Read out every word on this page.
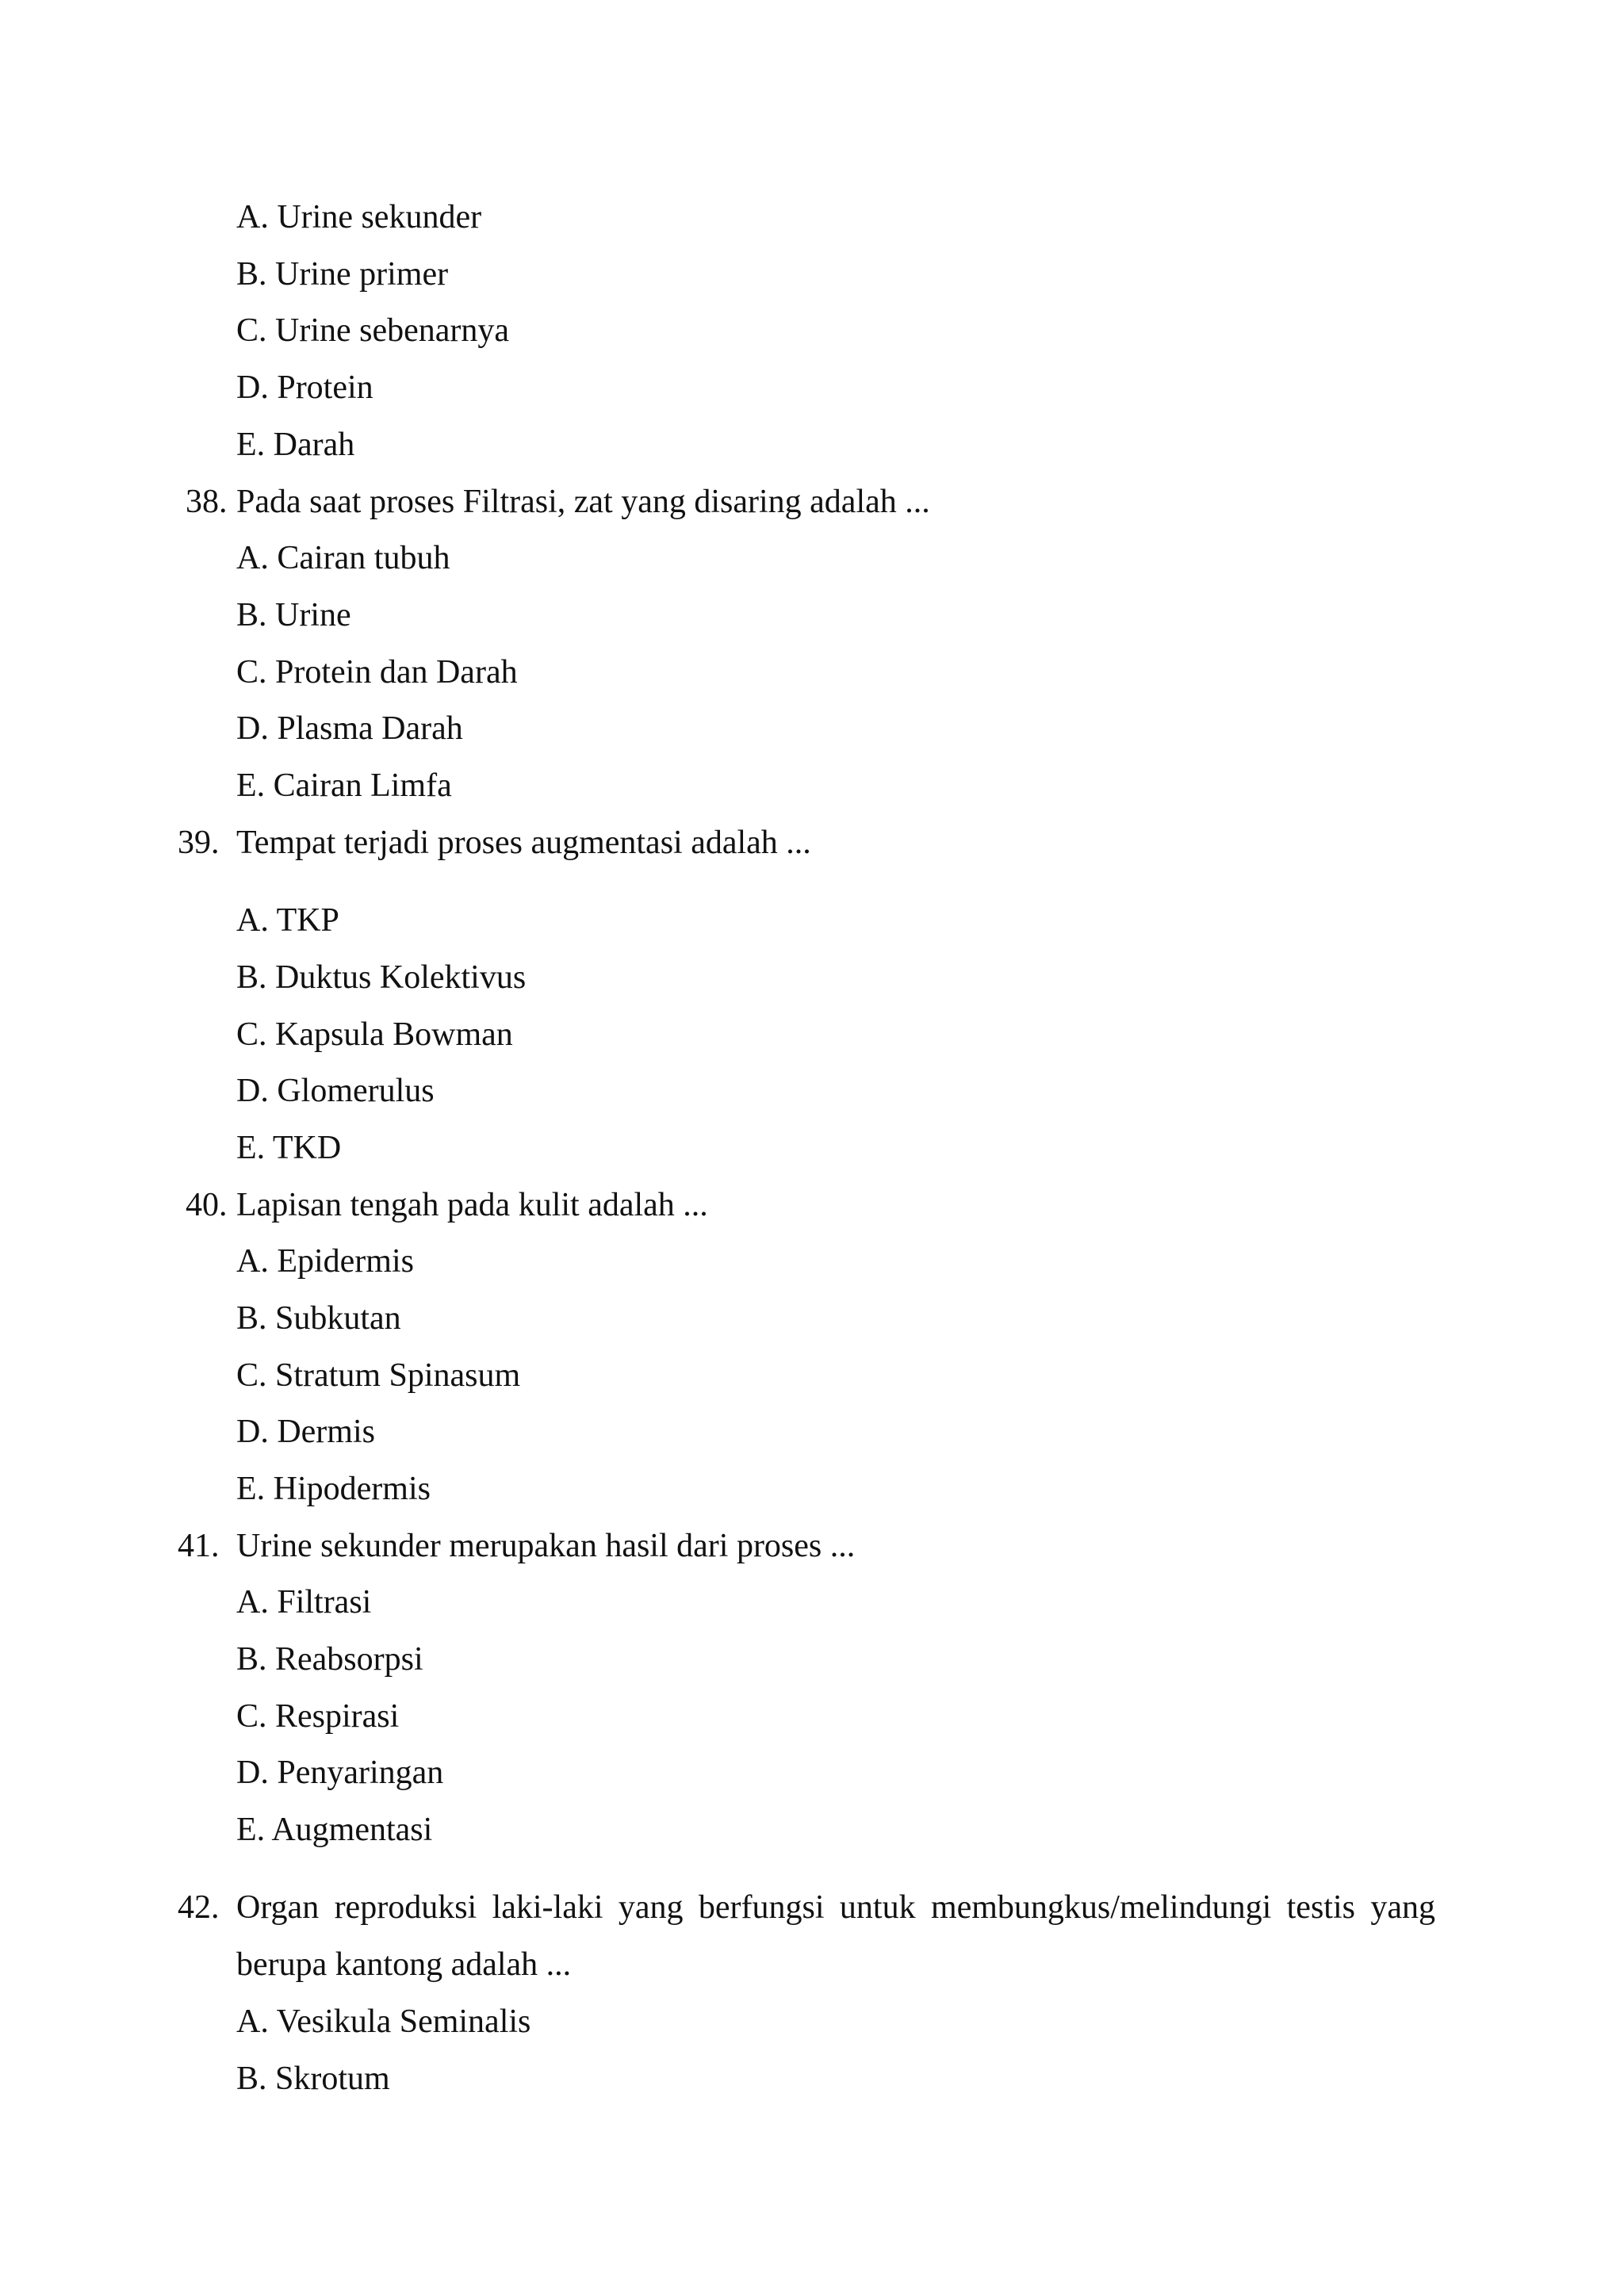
A. Urine sekunder
B. Urine primer
C. Urine sebenarnya
D. Protein
E. Darah
38. Pada saat proses Filtrasi, zat yang disaring adalah ...
A. Cairan tubuh
B. Urine
C. Protein dan Darah
D. Plasma Darah
E. Cairan Limfa
39. Tempat terjadi proses augmentasi adalah ...
A. TKP
B. Duktus Kolektivus
C. Kapsula Bowman
D. Glomerulus
E. TKD
40. Lapisan tengah pada kulit adalah ...
A. Epidermis
B. Subkutan
C. Stratum Spinasum
D. Dermis
E. Hipodermis
41. Urine sekunder merupakan hasil dari proses ...
A. Filtrasi
B. Reabsorpsi
C. Respirasi
D. Penyaringan
E. Augmentasi
42. Organ reproduksi laki-laki yang berfungsi untuk membungkus/melindungi testis yang
berupa kantong adalah ...
A. Vesikula Seminalis
B. Skrotum
